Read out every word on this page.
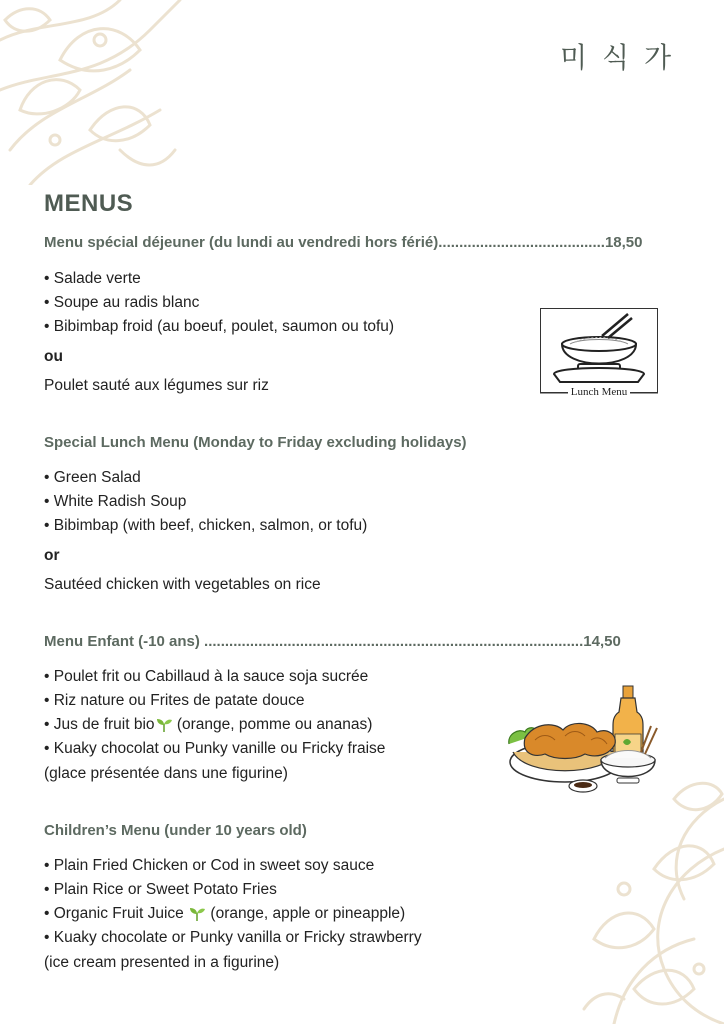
미 식 가
MENUS
Menu spécial déjeuner (du lundi au vendredi hors férié)........................................18,50
• Salade verte
• Soupe au radis blanc
• Bibimbap froid (au boeuf, poulet, saumon ou tofu)
ou
Poulet sauté aux légumes sur riz	Lunch Menu
Special Lunch Menu (Monday to Friday excluding holidays)
• Green Salad
• White Radish Soup
• Bibimbap (with beef, chicken, salmon, or tofu)
or
Sautéed chicken with vegetables on rice
Menu Enfant (-10 ans) ...........................................................................................14,50
• Poulet frit ou Cabillaud à la sauce soja sucrée
• Riz nature ou Frites de patate douce
• Jus de fruit bio (orange, pomme ou ananas)
• Kuaky chocolat ou Punky vanille ou Fricky fraise
(glace présentée dans une figurine)
Children’s Menu (under 10 years old)
• Plain Fried Chicken or Cod in sweet soy sauce
• Plain Rice or Sweet Potato Fries
• Organic Fruit Juice  (orange, apple or pineapple)
• Kuaky chocolate or Punky vanilla or Fricky strawberry
(ice cream presented in a figurine)
